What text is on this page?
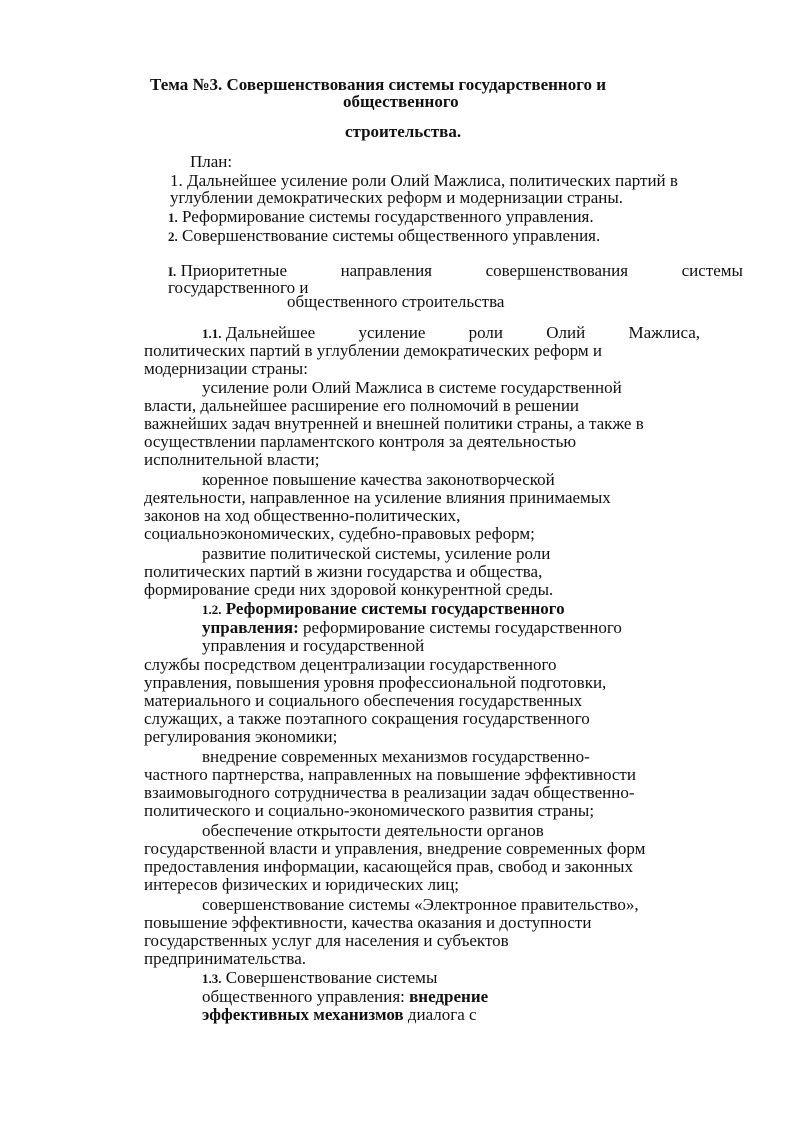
Тема №3. Совершенствования системы государственного и

общественного

строительства.

План:

1. Дальнейшее усиление роли Олий Мажлиса, политических партий в

углублении демократических реформ и модернизации страны.

1. Реформирование системы государственного управления.

2. Совершенствование системы общественного управления.

I. Приоритетные	направления	совершенствования	системы

государственного и

общественного строительства

1.1. Дальнейшее	усиление	роли	Олий	Мажлиса,

политических партий в углублении демократических реформ и

модернизации страны:

усиление роли Олий Мажлиса в системе государственной

власти, дальнейшее расширение его полномочий в решении

важнейших задач внутренней и внешней политики страны, а также в

осуществлении парламентского контроля за деятельностью

исполнительной власти;

коренное повышение качества законотворческой

деятельности, направленное на усиление влияния принимаемых

законов на ход общественно-политических,

социальноэкономических, судебно-правовых реформ;

развитие политической системы, усиление роли

политических партий в жизни государства и общества,

формирование среди них здоровой конкурентной среды.

1.2. Реформирование системы государственного

управления: реформирование системы государственного

управления и государственной

службы посредством децентрализации государственного

управления, повышения уровня профессиональной подготовки,

материального и социального обеспечения государственных

служащих, а также поэтапного сокращения государственного

регулирования экономики;

внедрение современных механизмов государственно-

частного партнерства, направленных на повышение эффективности

взаимовыгодного сотрудничества в реализации задач общественно-

политического и социально-экономического развития страны;

обеспечение открытости деятельности органов

государственной власти и управления, внедрение современных форм

предоставления информации, касающейся прав, свобод и законных

интересов физических и юридических лиц;

совершенствование системы «Электронное правительство»,

повышение эффективности, качества оказания и доступности

государственных услуг для населения и субъектов

предпринимательства.

1.3. Совершенствование системы

общественного управления: внедрение

эффективных механизмов диалога с
